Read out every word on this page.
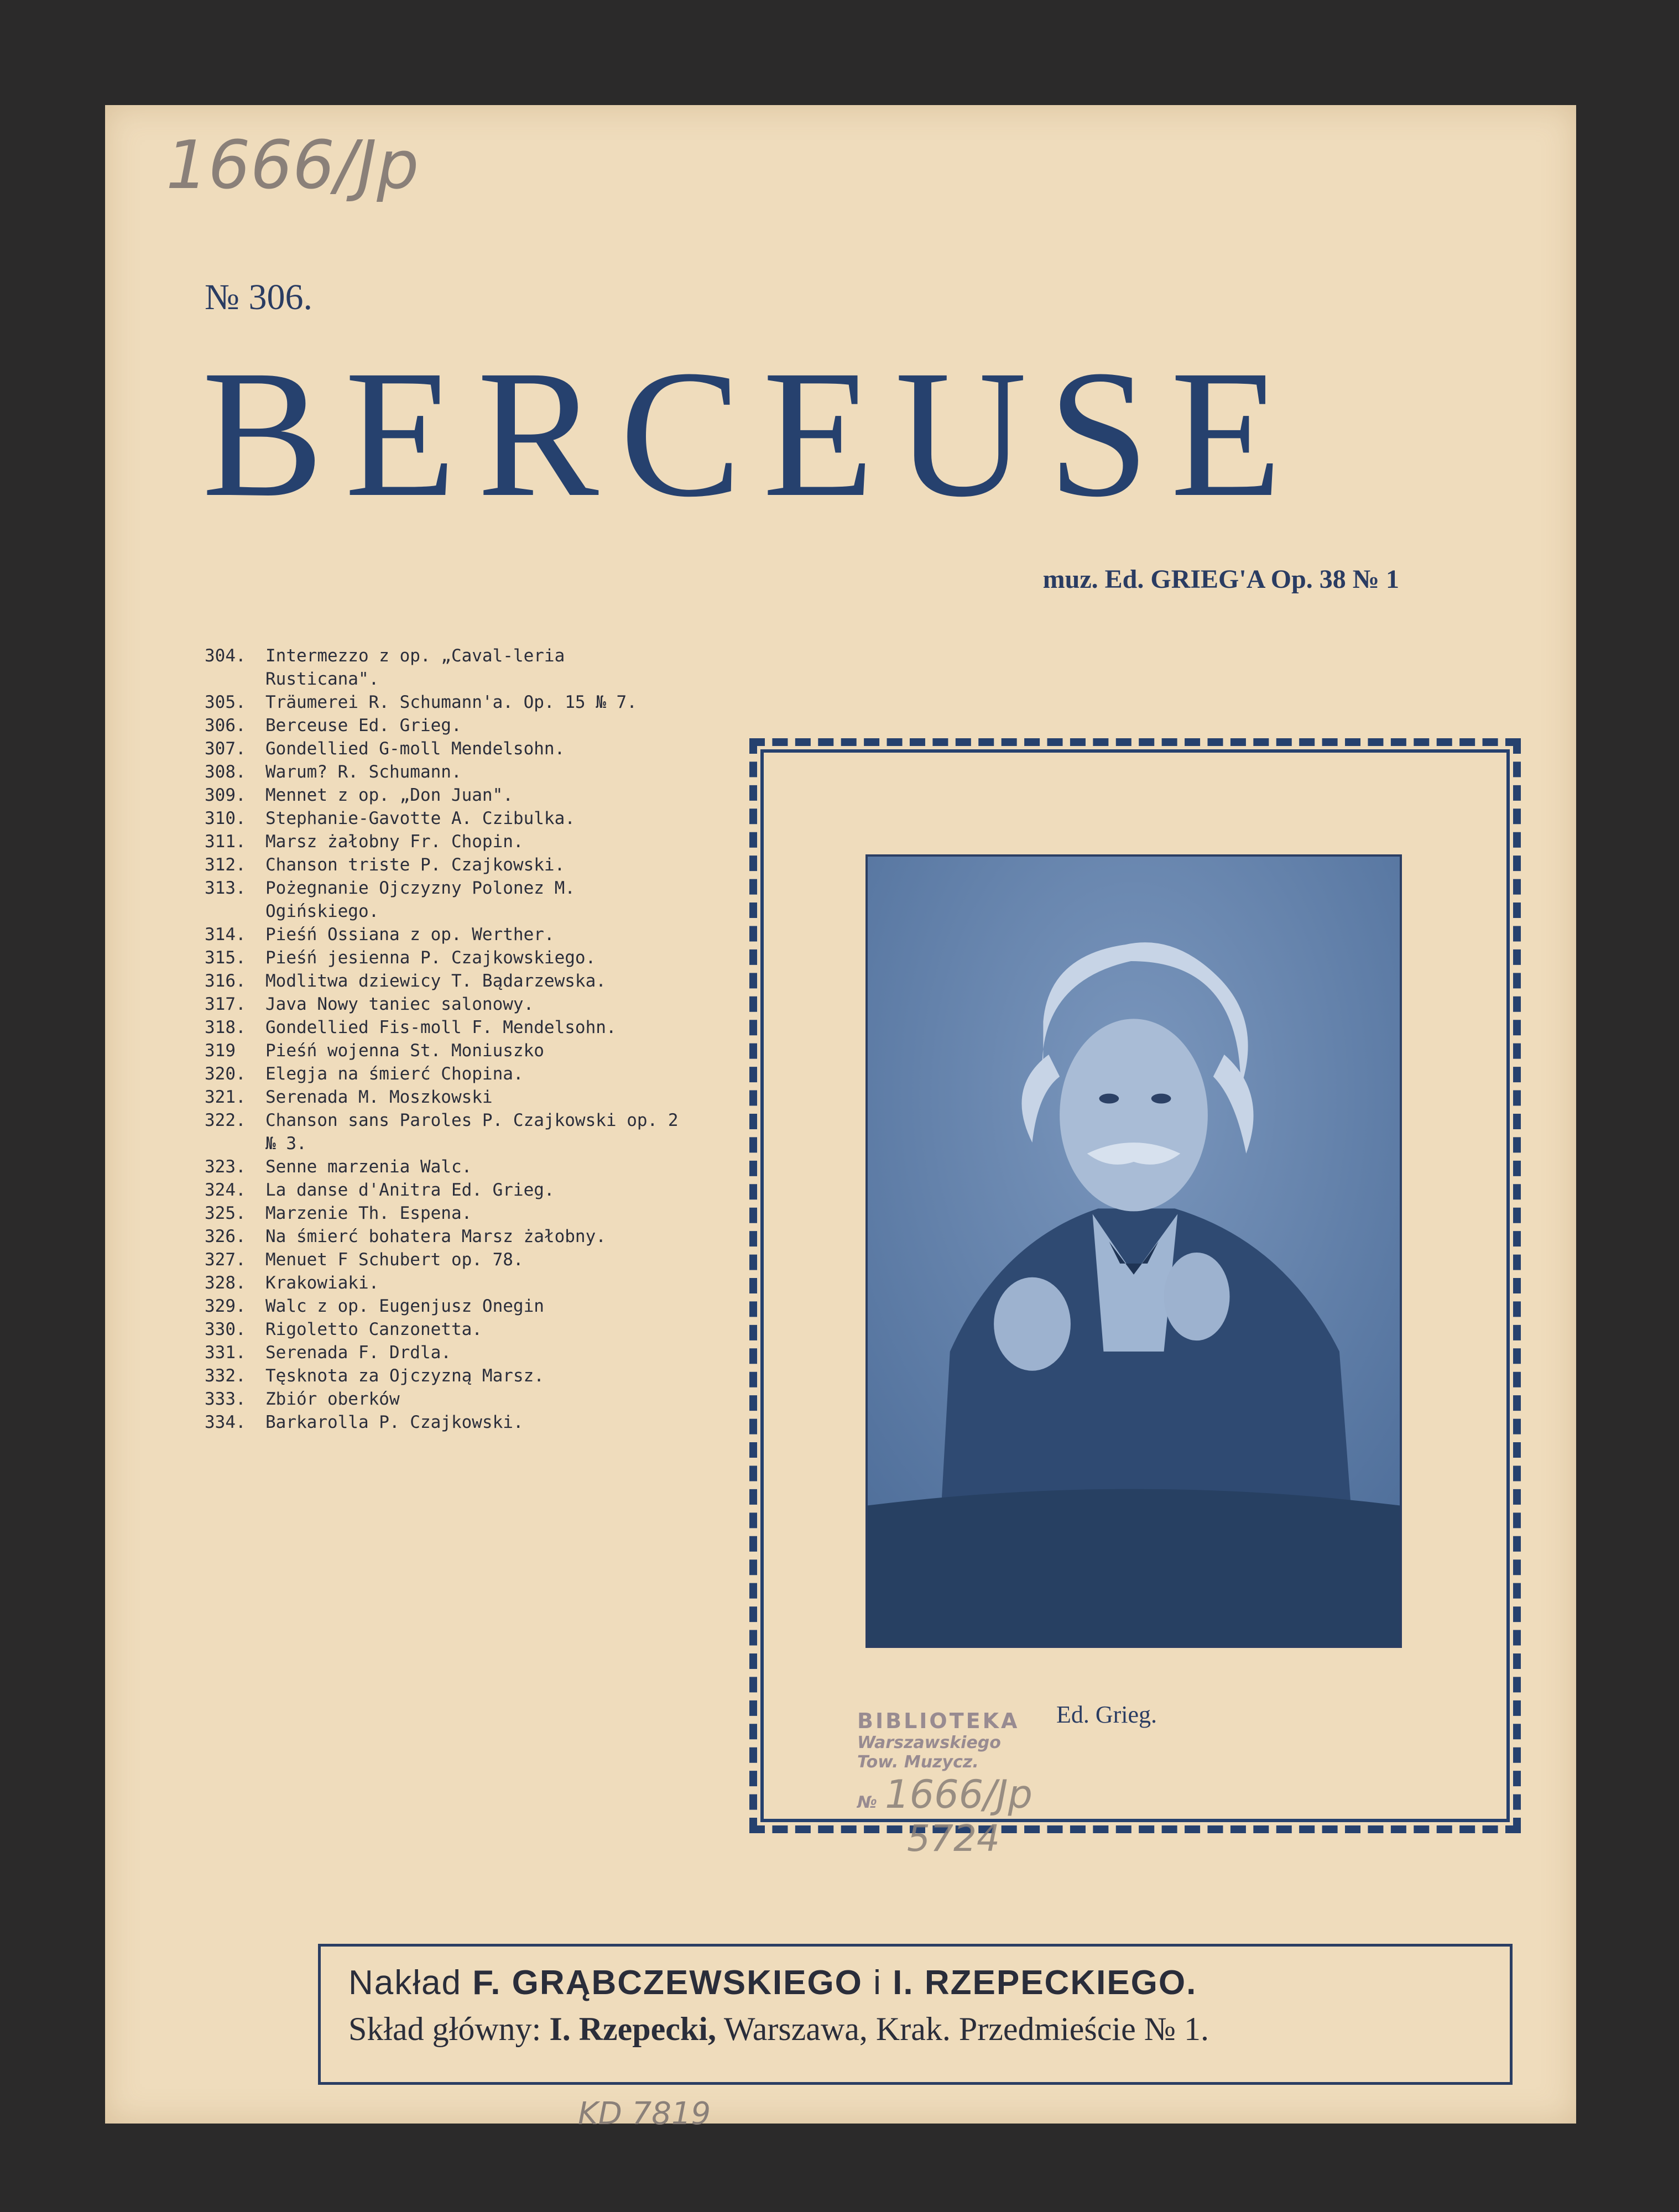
1666/Jp
№ 306.
BERCEUSE
muz. Ed. GRIEG'A Op. 38 № 1
304.	Intermezzo z op. „Caval-leria Rusticana".
305.	Träumerei R. Schumann'a. Op. 15 № 7.
306.	Berceuse Ed. Grieg.
307.	Gondellied G-moll Mendelsohn.
308.	Warum? R. Schumann.
309.	Mennet z op. „Don Juan".
310.	Stephanie-Gavotte A. Czibulka.
311.	Marsz żałobny Fr. Chopin.
312.	Chanson triste P. Czajkowski.
313.	Pożegnanie Ojczyzny Polonez M. Ogińskiego.
314.	Pieśń Ossiana z op. Werther.
315.	Pieśń jesienna P. Czajkowskiego.
316.	Modlitwa dziewicy T. Bądarzewska.
317.	Java Nowy taniec salonowy.
318.	Gondellied Fis-moll F. Mendelsohn.
319	Pieśń wojenna St. Moniuszko
320.	Elegja na śmierć Chopina.
321.	Serenada M. Moszkowski
322.	Chanson sans Paroles P. Czajkowski op. 2 № 3.
323.	Senne marzenia Walc.
324.	La danse d'Anitra Ed. Grieg.
325.	Marzenie Th. Espena.
326.	Na śmierć bohatera Marsz żałobny.
327.	Menuet F Schubert op. 78.
328.	Krakowiaki.
329.	Walc z op. Eugenjusz Onegin
330.	Rigoletto Canzonetta.
331.	Serenada F. Drdla.
332.	Tęsknota za Ojczyzną Marsz.
333.	Zbiór oberków
334.	Barkarolla P. Czajkowski.
Ed. Grieg.
BIBLIOTEKA
Warszawskiego
Tow. Muzycz.
№ 1666/Jp
5724
Nakład F. GRĄBCZEWSKIEGO i I. RZEPECKIEGO.
Skład główny: I. Rzepecki, Warszawa, Krak. Przedmieście № 1.
KD 7819
